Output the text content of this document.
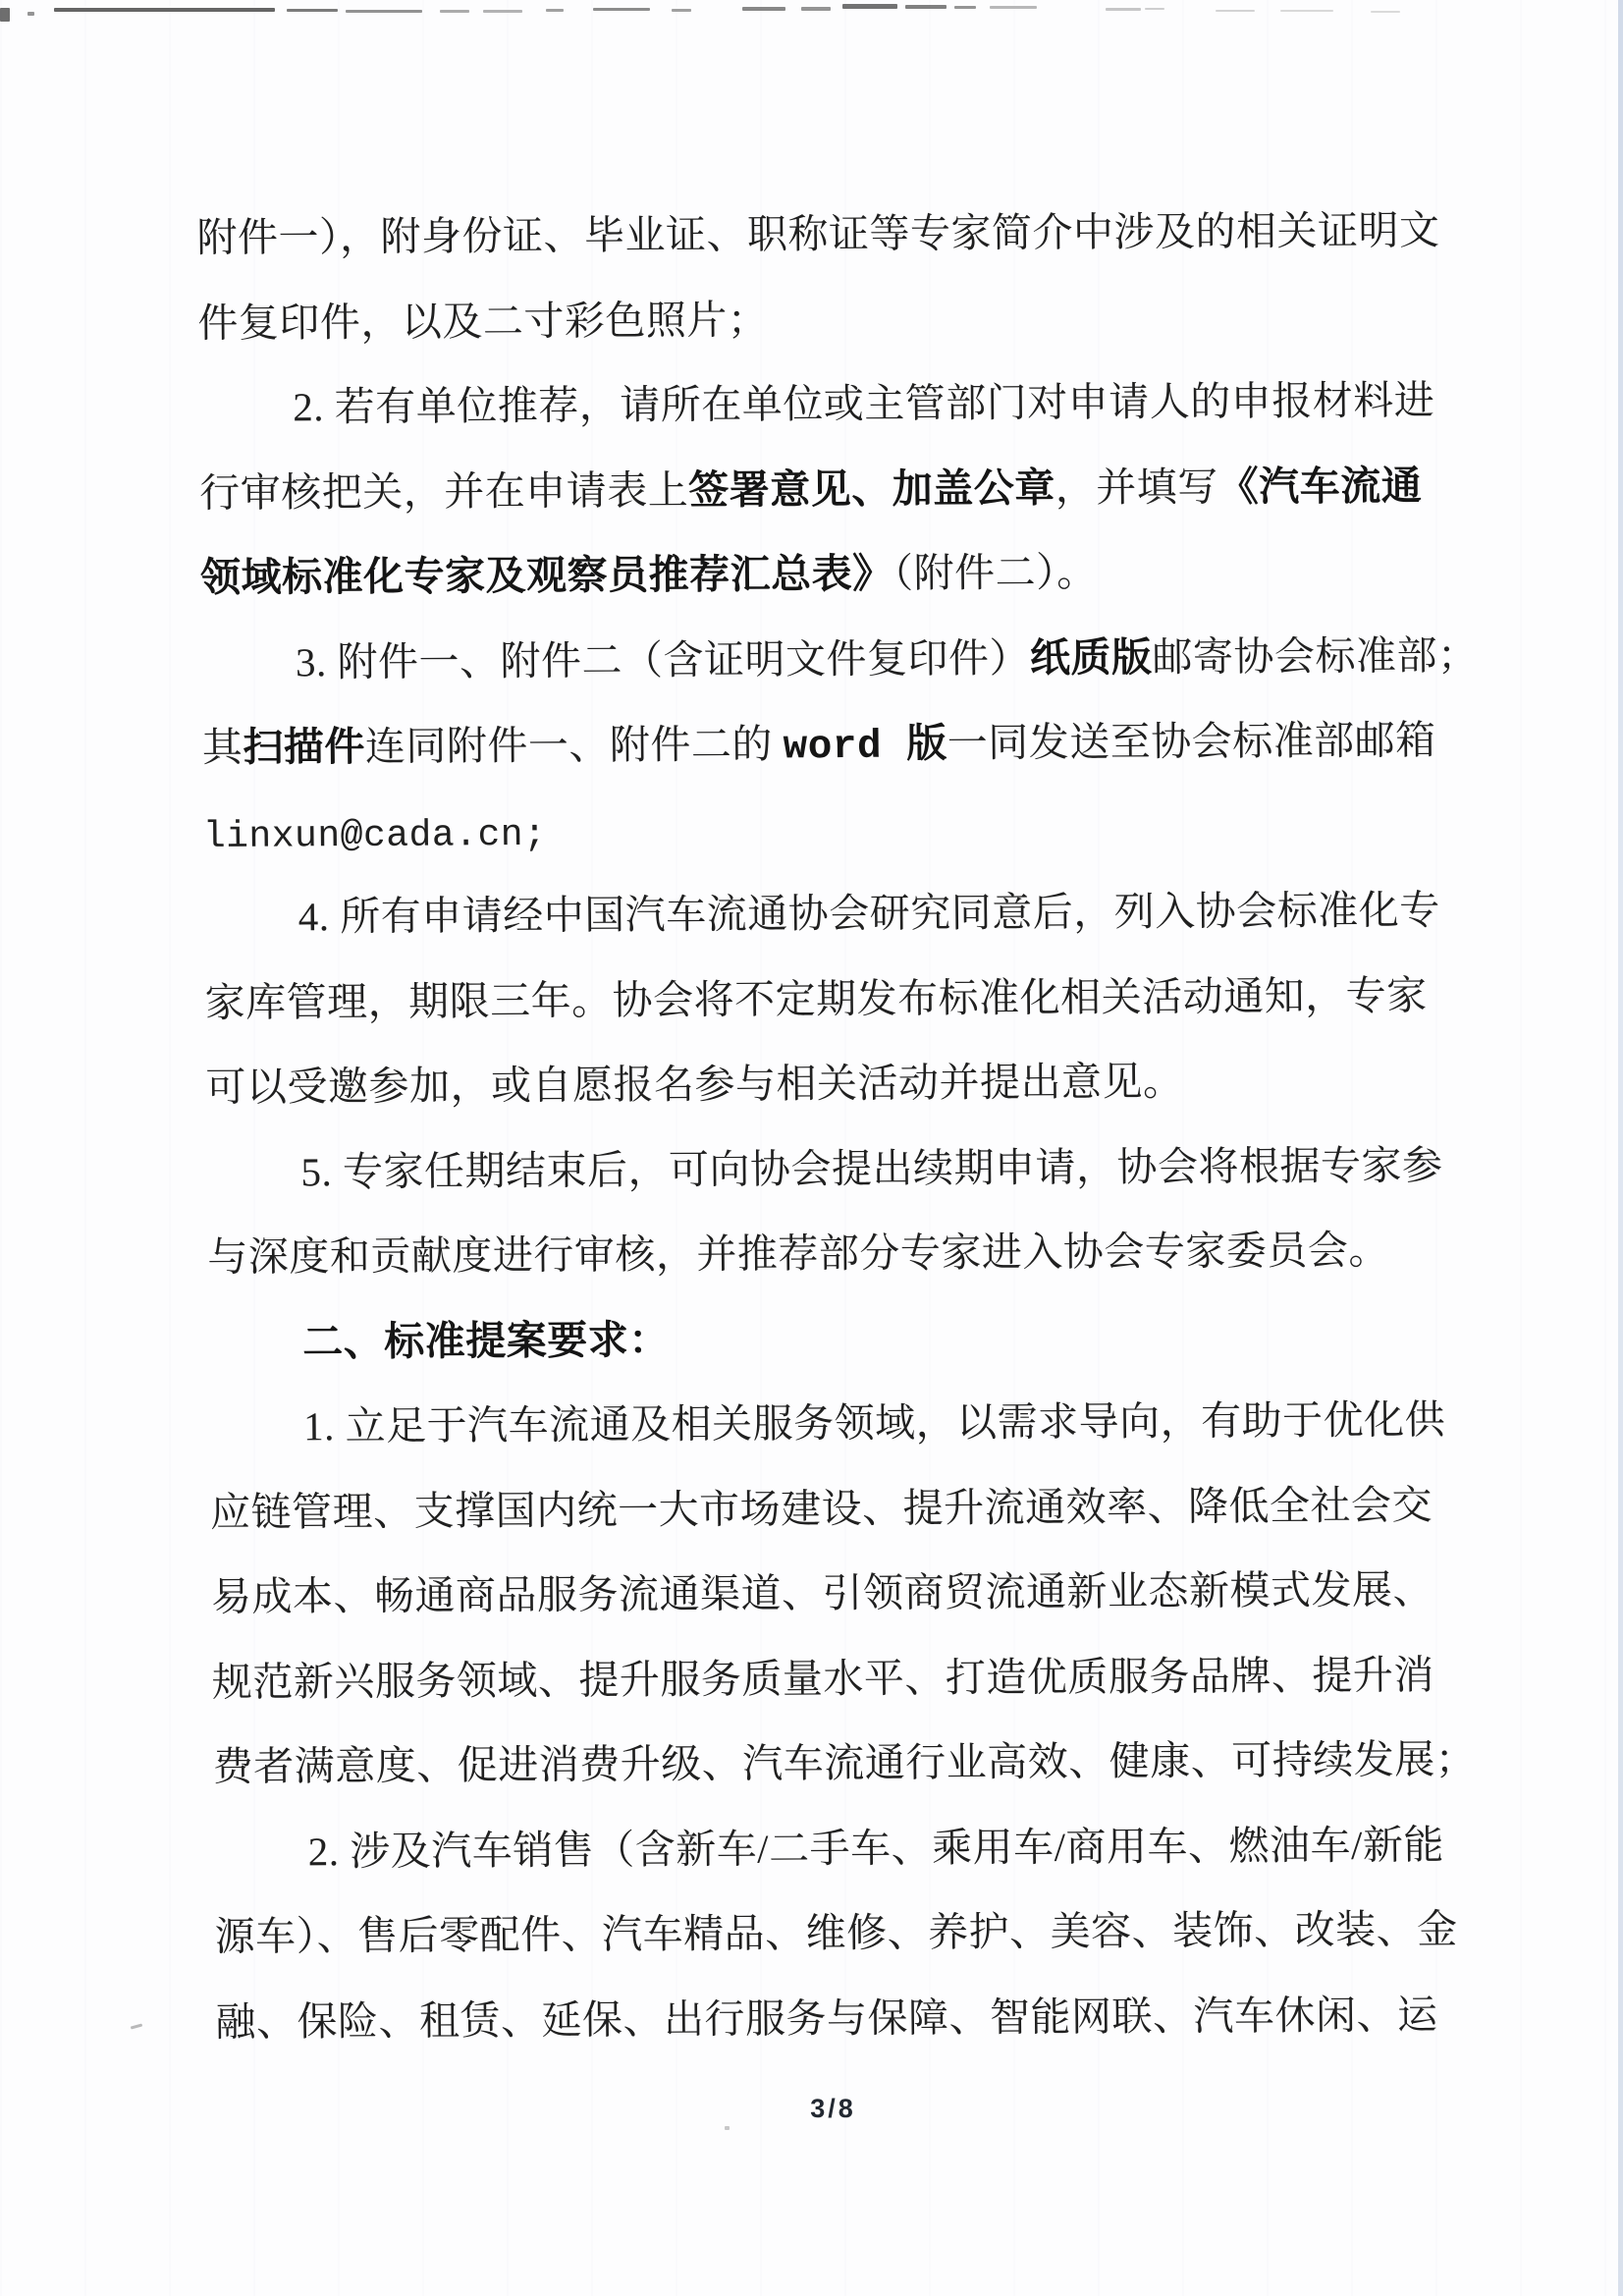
附件一），附身份证、毕业证、职称证等专家简介中涉及的相关证明文

件复印件，以及二寸彩色照片；

2. 若有单位推荐，请所在单位或主管部门对申请人的申报材料进

行审核把关，并在申请表上签署意见、加盖公章，并填写《汽车流通

领域标准化专家及观察员推荐汇总表》（附件二）。

3. 附件一、附件二（含证明文件复印件）纸质版邮寄协会标准部；

其扫描件连同附件一、附件二的 word 版一同发送至协会标准部邮箱

linxun@cada.cn;

4. 所有申请经中国汽车流通协会研究同意后，列入协会标准化专

家库管理，期限三年。协会将不定期发布标准化相关活动通知，专家

可以受邀参加，或自愿报名参与相关活动并提出意见。

5. 专家任期结束后，可向协会提出续期申请，协会将根据专家参

与深度和贡献度进行审核，并推荐部分专家进入协会专家委员会。

二、标准提案要求：

1. 立足于汽车流通及相关服务领域，以需求导向，有助于优化供

应链管理、支撑国内统一大市场建设、提升流通效率、降低全社会交

易成本、畅通商品服务流通渠道、引领商贸流通新业态新模式发展、

规范新兴服务领域、提升服务质量水平、打造优质服务品牌、提升消

费者满意度、促进消费升级、汽车流通行业高效、健康、可持续发展；

2. 涉及汽车销售（含新车/二手车、乘用车/商用车、燃油车/新能

源车）、售后零配件、汽车精品、维修、养护、美容、装饰、改装、金

融、保险、租赁、延保、出行服务与保障、智能网联、汽车休闲、运

3/8
